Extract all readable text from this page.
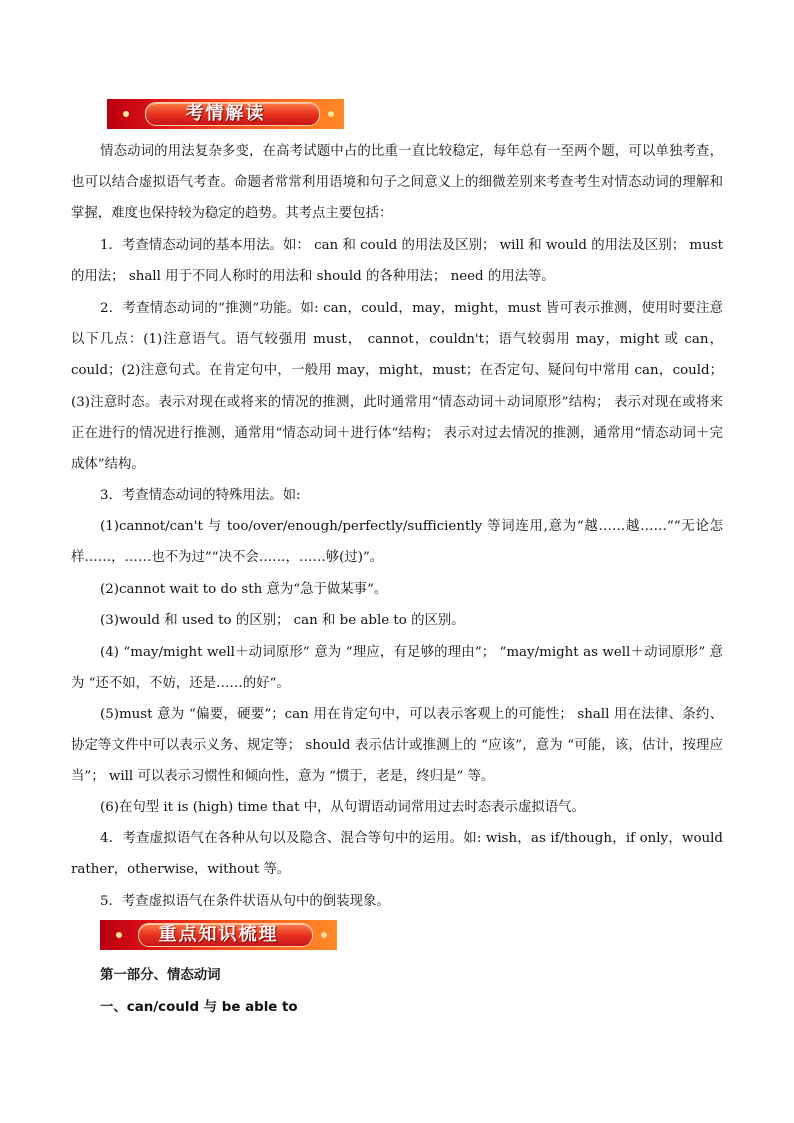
考情解读

情态动词的用法复杂多变，在高考试题中占的比重一直比较稳定，每年总有一至两个题，可以单独考查，也可以结合虚拟语气考查。命题者常常利用语境和句子之间意义上的细微差别来考查考生对情态动词的理解和掌握，难度也保持较为稳定的趋势。其考点主要包括：

1．考查情态动词的基本用法。如： can 和 could 的用法及区别； will 和 would 的用法及区别； must 的用法； shall 用于不同人称时的用法和 should 的各种用法； need 的用法等。

2．考查情态动词的“推测”功能。如: can，could，may，might，must 皆可表示推测，使用时要注意以下几点：(1)注意语气。语气较强用 must， cannot，couldn't；语气较弱用 may，might 或 can，could；(2)注意句式。在肯定句中，一般用 may，might，must；在否定句、疑问句中常用 can，could； (3)注意时态。表示对现在或将来的情况的推测，此时通常用“情态动词＋动词原形”结构； 表示对现在或将来正在进行的情况进行推测，通常用“情态动词＋进行体”结构； 表示对过去情况的推测，通常用“情态动词＋完成体”结构。

3．考查情态动词的特殊用法。如:

(1)cannot/can't 与 too/over/enough/perfectly/sufficiently 等词连用,意为“越……越……”“无论怎样……，……也不为过”“决不会……，……够(过)”。

(2)cannot wait to do sth 意为“急于做某事”。

(3)would 和 used to 的区别； can 和 be able to 的区别。

(4) “may/might well＋动词原形” 意为 “理应，有足够的理由”； “may/might as well＋动词原形” 意为 “还不如，不妨，还是……的好”。

(5)must 意为 “偏要，硬要”；can 用在肯定句中，可以表示客观上的可能性； shall 用在法律、条约、协定等文件中可以表示义务、规定等； should 表示估计或推测上的 “应该”，意为 “可能，该，估计，按理应当”； will 可以表示习惯性和倾向性，意为 “惯于，老是，终归是” 等。

(6)在句型 it is (high) time that 中，从句谓语动词常用过去时态表示虚拟语气。

4．考查虚拟语气在各种从句以及隐含、混合等句中的运用。如: wish，as if/though，if only，would rather，otherwise，without 等。

5．考查虚拟语气在条件状语从句中的倒装现象。

重点知识梳理

第一部分、情态动词

一、can/could 与 be able to
